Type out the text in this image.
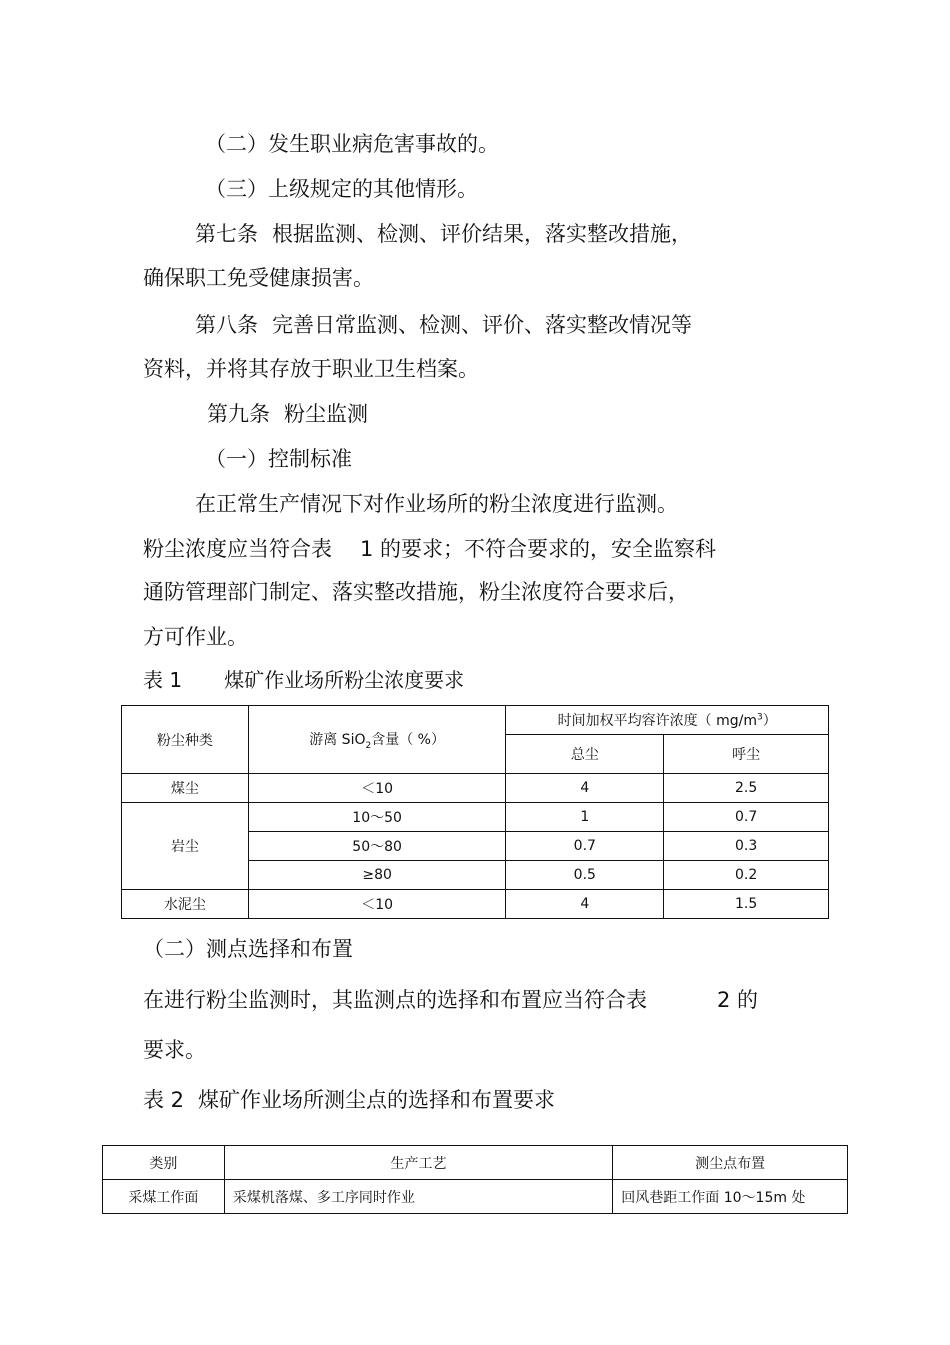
（二）发生职业病危害事故的。
（三）上级规定的其他情形。
第七条 根据监测、检测、评价结果，落实整改措施，
确保职工免受健康损害。
第八条 完善日常监测、检测、评价、落实整改情况等
资料，并将其存放于职业卫生档案。
第九条 粉尘监测
（一）控制标准
在正常生产情况下对作业场所的粉尘浓度进行监测。
粉尘浓度应当符合表 1 的要求；不符合要求的，安全监察科
通防管理部门制定、落实整改措施，粉尘浓度符合要求后，
方可作业。
表 1 煤矿作业场所粉尘浓度要求
粉尘种类	游离 SiO$_2$含量（ %）	时间加权平均容许浓度（ $mg/m^3$）	
		总尘	呼尘
煤尘	＜10	4	2.5
岩尘	10～50	1	0.7
	50～80	0.7	0.3
	≥80	0.5	0.2
水泥尘	＜10	4	1.5
（二）测点选择和布置
在进行粉尘监测时，其监测点的选择和布置应当符合表	2 的
要求。
表 2 煤矿作业场所测尘点的选择和布置要求
类别	生产工艺	测尘点布置
采煤工作面	采煤机落煤、多工序同时作业	回风巷距工作面 10～15m 处
